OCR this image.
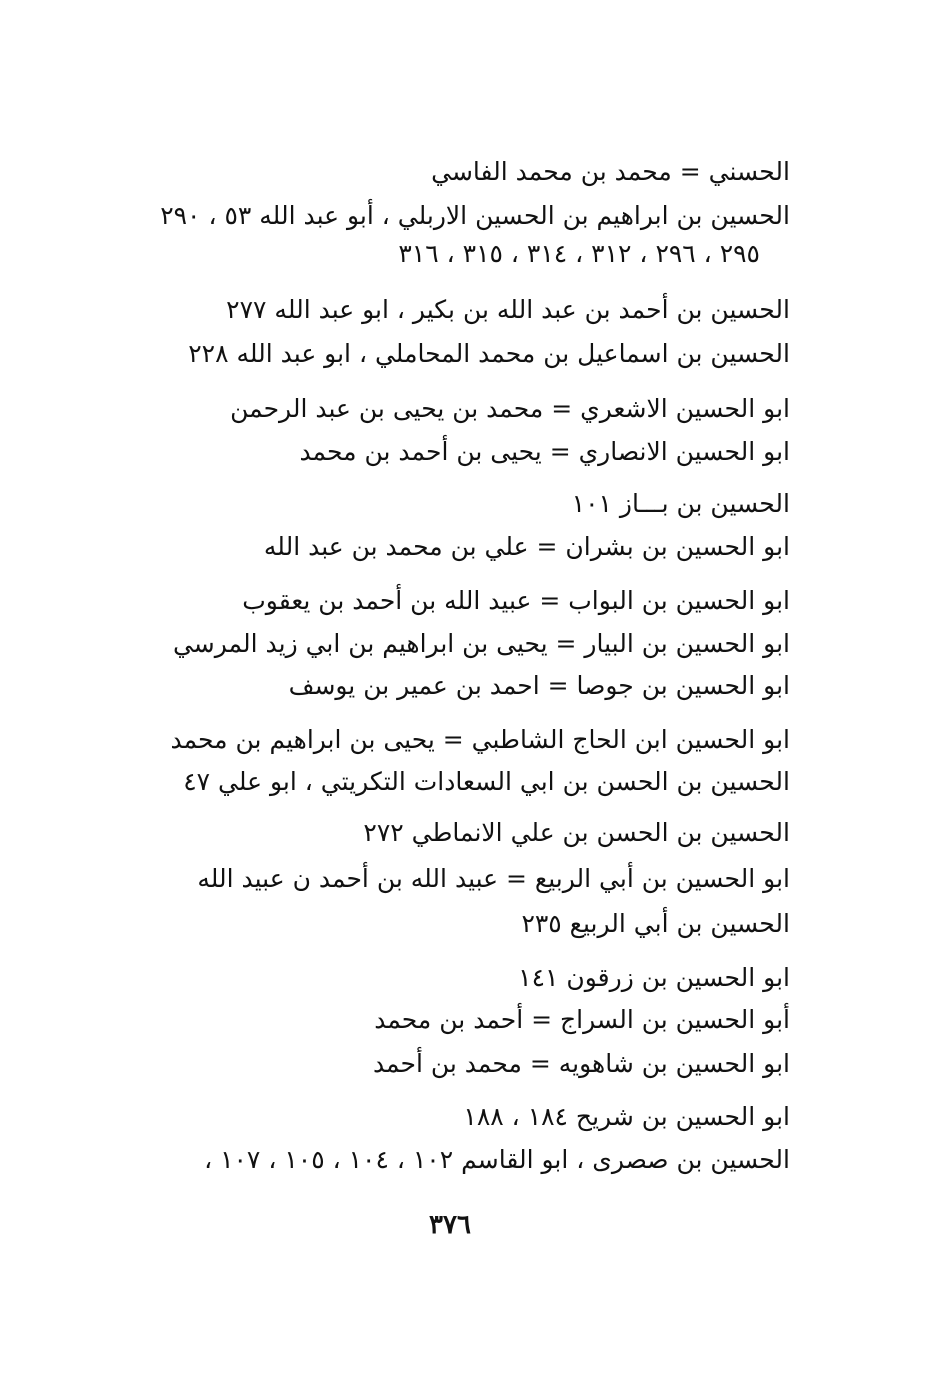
الحسني = محمد بن محمد الفاسي
الحسين بن ابراهيم بن الحسين الاربلي ، أبو عبد الله ٥٣ ، ٢٩٠
٢٩٥ ، ٢٩٦ ، ٣١٢ ، ٣١٤ ، ٣١٥ ، ٣١٦
الحسين بن أحمد بن عبد الله بن بكير ، ابو عبد الله ٢٧٧
الحسين بن اسماعيل بن محمد المحاملي ، ابو عبد الله ٢٢٨
ابو الحسين الاشعري = محمد بن يحيى بن عبد الرحمن
ابو الحسين الانصاري = يحيى بن أحمد بن محمد
الحسين بن بـــاز ١٠١
ابو الحسين بن بشران = علي بن محمد بن عبد الله
ابو الحسين بن البواب = عبيد الله بن أحمد بن يعقوب
ابو الحسين بن البيار = يحيى بن ابراهيم بن ابي زيد المرسي
ابو الحسين بن جوصا = احمد بن عمير بن يوسف
ابو الحسين ابن الحاج الشاطبي = يحيى بن ابراهيم بن محمد
الحسين بن الحسن بن ابي السعادات التكريتي ، ابو علي ٤٧
الحسين بن الحسن بن علي الانماطي ٢٧٢
ابو الحسين بن أبي الربيع = عبيد الله بن أحمد ن عبيد الله
الحسين بن أبي الربيع ٢٣٥
ابو الحسين بن زرقون ١٤١
أبو الحسين بن السراج = أحمد بن محمد
ابو الحسين بن شاهويه = محمد بن أحمد
ابو الحسين بن شريح ١٨٤ ، ١٨٨
الحسين بن صصرى ، ابو القاسم ١٠٢ ، ١٠٤ ، ١٠٥ ، ١٠٧ ،
٣٧٦
